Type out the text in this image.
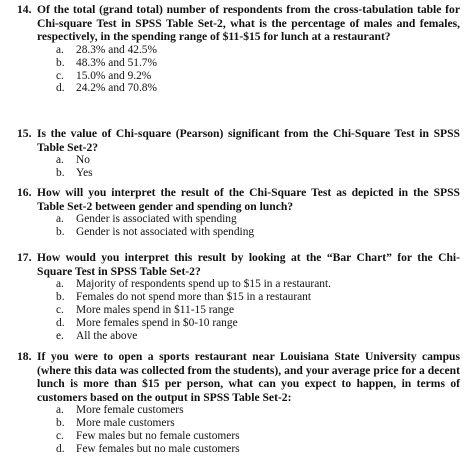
14. Of the total (grand total) number of respondents from the cross-tabulation table for Chi-square Test in SPSS Table Set-2, what is the percentage of males and females, respectively, in the spending range of $11-$15 for lunch at a restaurant?

a. 28.3% and 42.5%
b. 48.3% and 51.7%
c. 15.0% and 9.2%
d. 24.2% and 70.8%

15. Is the value of Chi-square (Pearson) significant from the Chi-Square Test in SPSS Table Set-2?

a. No
b. Yes

16. How will you interpret the result of the Chi-Square Test as depicted in the SPSS Table Set-2 between gender and spending on lunch?

a. Gender is associated with spending
b. Gender is not associated with spending

17. How would you interpret this result by looking at the “Bar Chart” for the Chi-Square Test in SPSS Table Set-2?

a. Majority of respondents spend up to $15 in a restaurant.
b. Females do not spend more than $15 in a restaurant
c. More males spend in $11-15 range
d. More females spend in $0-10 range
e. All the above

18. If you were to open a sports restaurant near Louisiana State University campus (where this data was collected from the students), and your average price for a decent lunch is more than $15 per person, what can you expect to happen, in terms of customers based on the output in SPSS Table Set-2:

a. More female customers
b. More male customers
c. Few males but no female customers
d. Few females but no male customers
